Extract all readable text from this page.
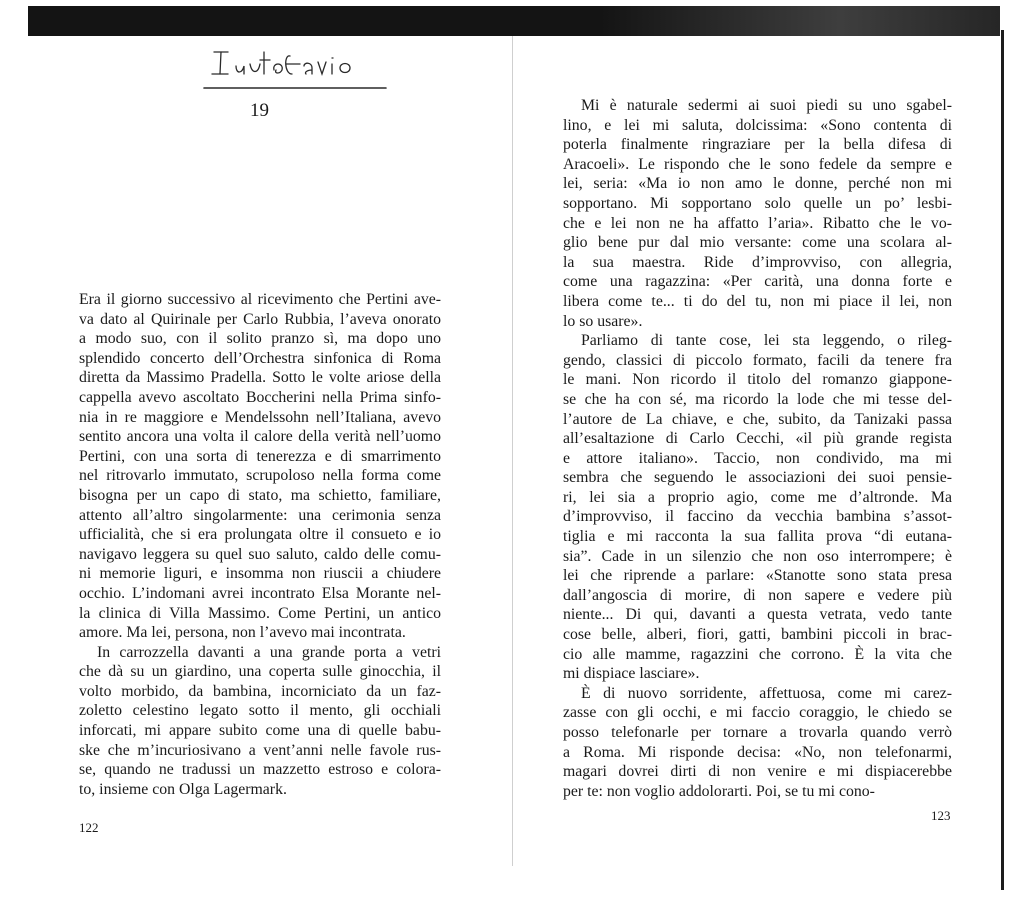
19
Era il giorno successivo al ricevimento che Pertini ave-
va dato al Quirinale per Carlo Rubbia, l’aveva onorato
a modo suo, con il solito pranzo sì, ma dopo uno
splendido concerto dell’Orchestra sinfonica di Roma
diretta da Massimo Pradella. Sotto le volte ariose della
cappella avevo ascoltato Boccherini nella Prima sinfo-
nia in re maggiore e Mendelssohn nell’Italiana, avevo
sentito ancora una volta il calore della verità nell’uomo
Pertini, con una sorta di tenerezza e di smarrimento
nel ritrovarlo immutato, scrupoloso nella forma come
bisogna per un capo di stato, ma schietto, familiare,
attento all’altro singolarmente: una cerimonia senza
ufficialità, che si era prolungata oltre il consueto e io
navigavo leggera su quel suo saluto, caldo delle comu-
ni memorie liguri, e insomma non riuscii a chiudere
occhio. L’indomani avrei incontrato Elsa Morante nel-
la clinica di Villa Massimo. Come Pertini, un antico
amore. Ma lei, persona, non l’avevo mai incontrata.
In carrozzella davanti a una grande porta a vetri
che dà su un giardino, una coperta sulle ginocchia, il
volto morbido, da bambina, incorniciato da un faz-
zoletto celestino legato sotto il mento, gli occhiali
inforcati, mi appare subito come una di quelle babu-
ske che m’incuriosivano a vent’anni nelle favole rus-
se, quando ne tradussi un mazzetto estroso e colora-
to, insieme con Olga Lagermark.
Mi è naturale sedermi ai suoi piedi su uno sgabel-
lino, e lei mi saluta, dolcissima: «Sono contenta di
poterla finalmente ringraziare per la bella difesa di
Aracoeli». Le rispondo che le sono fedele da sempre e
lei, seria: «Ma io non amo le donne, perché non mi
sopportano. Mi sopportano solo quelle un po’ lesbi-
che e lei non ne ha affatto l’aria». Ribatto che le vo-
glio bene pur dal mio versante: come una scolara al-
la sua maestra. Ride d’improvviso, con allegria,
come una ragazzina: «Per carità, una donna forte e
libera come te... ti do del tu, non mi piace il lei, non
lo so usare».
Parliamo di tante cose, lei sta leggendo, o rileg-
gendo, classici di piccolo formato, facili da tenere fra
le mani. Non ricordo il titolo del romanzo giappone-
se che ha con sé, ma ricordo la lode che mi tesse del-
l’autore de La chiave, e che, subito, da Tanizaki passa
all’esaltazione di Carlo Cecchi, «il più grande regista
e attore italiano». Taccio, non condivido, ma mi
sembra che seguendo le associazioni dei suoi pensie-
ri, lei sia a proprio agio, come me d’altronde. Ma
d’improvviso, il faccino da vecchia bambina s’assot-
tiglia e mi racconta la sua fallita prova “di eutana-
sia”. Cade in un silenzio che non oso interrompere; è
lei che riprende a parlare: «Stanotte sono stata presa
dall’angoscia di morire, di non sapere e vedere più
niente... Di qui, davanti a questa vetrata, vedo tante
cose belle, alberi, fiori, gatti, bambini piccoli in brac-
cio alle mamme, ragazzini che corrono. È la vita che
mi dispiace lasciare».
È di nuovo sorridente, affettuosa, come mi carez-
zasse con gli occhi, e mi faccio coraggio, le chiedo se
posso telefonarle per tornare a trovarla quando verrò
a Roma. Mi risponde decisa: «No, non telefonarmi,
magari dovrei dirti di non venire e mi dispiacerebbe
per te: non voglio addolorarti. Poi, se tu mi cono-
122
123
